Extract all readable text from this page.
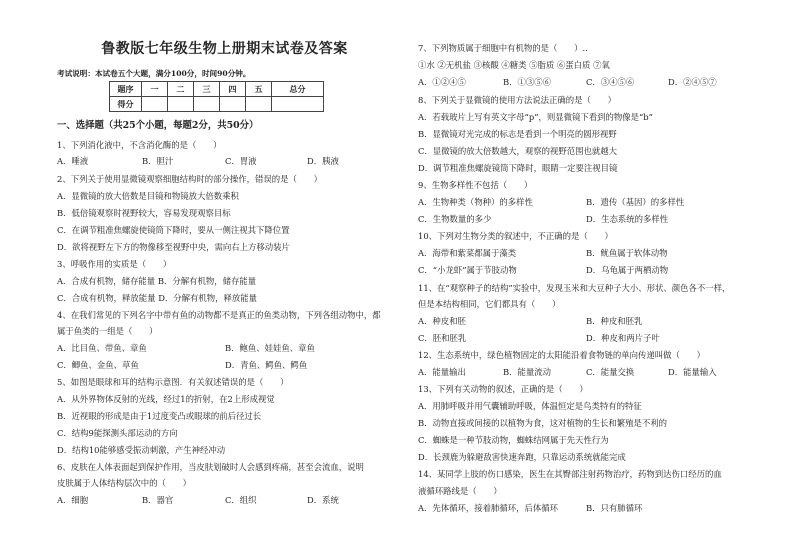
鲁教版七年级生物上册期末试卷及答案
考试说明：本试卷五个大题，满分100分，时间90分钟。
题序	一	二	三	四	五	总分
得分						
一、选择题（共25个小题，每题2分，共50分）
1、下列消化液中，不含消化酶的是（　　）
A．唾液	B．胆汁	C．胃液	D．胰液
2、下列关于使用显微镜观察细胞结构时的部分操作，错误的是（　　）
A．显微镜的放大倍数是目镜和物镜放大倍数乘积
B．低倍镜观察时视野较大，容易发现观察目标
C．在调节粗准焦螺旋使镜筒下降时，要从一侧注视其下降位置
D．欲将视野左下方的物像移至视野中央，需向右上方移动装片
3、呼吸作用的实质是（　　）
A．合成有机物，储存能量 B．分解有机物，储存能量
C．合成有机物，释放能量 D．分解有机物，释放能量
4、在我们常见的下列名字中带有鱼的动物都不是真正的鱼类动物，下列各组动物中，都
属于鱼类的一组是（　　）
A．比目鱼、带鱼、章鱼	B．鲍鱼、娃娃鱼、章鱼
C．鲫鱼、金鱼、草鱼	D．青鱼、鳄鱼、鳄鱼
5、如图是眼球和耳的结构示意图．有关叙述错误的是（　　）
A．从外界物体反射的光线，经过1的折射，在2上形成视觉
B．近视眼的形成是由于1过度变凸或眼球的前后径过长
C．结构9能探测头部运动的方向
D．结构10能够感受振动刺激，产生神经冲动
6、皮肤在人体表面起到保护作用，当皮肤划破时人会感到疼痛，甚至会流血，说明
皮肤属于人体结构层次中的（　　）
A．细胞	B．器官	C．组织	D．系统
7、下列物质属于细胞中有机物的是（　　）..
①水 ②无机盐 ③核酸 ④糖类 ⑤脂质 ⑥蛋白质 ⑦氧
A．①②④⑤	B．①③⑤⑥	C．③④⑤⑥	D．②④⑤⑦
8、下列关于显微镜的使用方法说法正确的是（　　）
A．若载玻片上写有英文字母“p”，则显微镜下看到的物像是“b”
B．显微镜对光完成的标志是看到一个明亮的圆形视野
C．显微镜的放大倍数越大，观察的视野范围也就越大
D．调节粗准焦螺旋镜筒下降时，眼睛一定要注视目镜
9、生物多样性不包括（　　）
A．生物种类（物种）的多样性	B．遗传（基因）的多样性
C．生物数量的多少	D．生态系统的多样性
10、下列对生物分类的叙述中，不正确的是（　　）
A．海带和紫菜都属于藻类	B．鱿鱼属于软体动物
C．“小龙虾”属于节肢动物	D．乌龟属于两栖动物
11、在“观察种子的结构”实验中，发现玉米和大豆种子大小、形状、颜色各不一样，
但是本结构相同，它们都具有（　　）
A．种皮和胚	B．种皮和胚乳
C．胚和胚乳	D．种皮和两片子叶
12、生态系统中，绿色植物固定的太阳能沿着食物链的单向传递叫做（　　）
A．能量输出	B．能量流动	C．能量交换	D．能量输入
13、下列有关动物的叙述，正确的是（　　）
A．用肺呼吸并用气囊辅助呼吸，体温恒定是鸟类特有的特征
B．动物直接或间接的以植物为食，这对植物的生长和繁殖是不利的
C．蜘蛛是一种节肢动物，蜘蛛结网属于先天性行为
D．长颈鹿为躲避敌害快速奔跑，只靠运动系统就能完成
14、某同学上肢的伤口感染，医生在其臀部注射药物治疗，药物到达伤口经历的血
液循环路线是（　　）
A．先体循环，接着肺循环，后体循环	B．只有肺循环
